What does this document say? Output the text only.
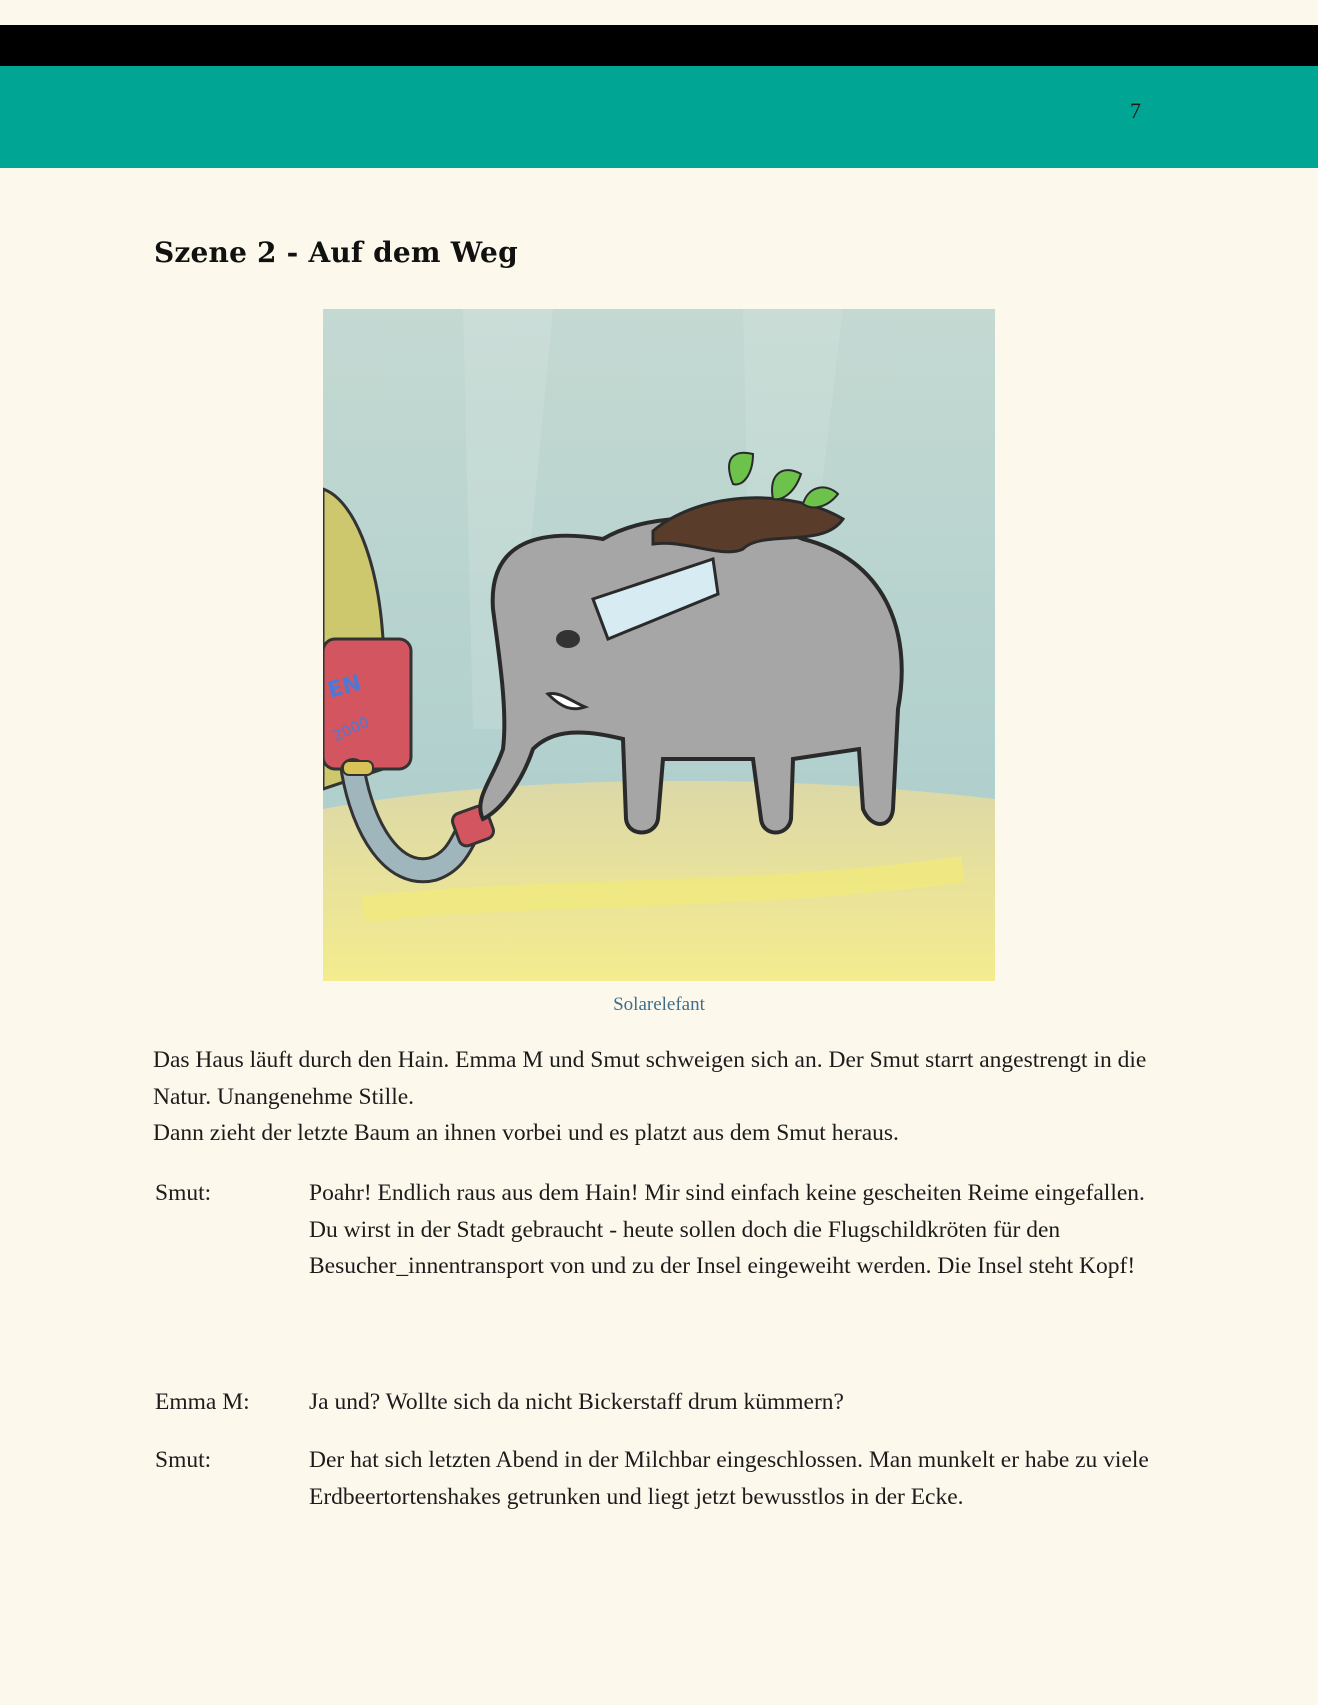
7
Szene 2 - Auf dem Weg
EN
2000
Solarelefant

Das Haus läuft durch den Hain. Emma M und Smut schweigen sich an. Der Smut starrt angestrengt in die Natur. Unangenehme Stille.

Dann zieht der letzte Baum an ihnen vorbei und es platzt aus dem Smut heraus.

Smut:	Poahr! Endlich raus aus dem Hain! Mir sind einfach keine gescheiten Reime eingefallen.
Du wirst in der Stadt gebraucht - heute sollen doch die Flugschildkröten für den Besucher_innentransport von und zu der Insel eingeweiht werden. Die Insel steht Kopf!
Emma M:	Ja und? Wollte sich da nicht Bickerstaff drum kümmern?
Smut:	Der hat sich letzten Abend in der Milchbar eingeschlossen. Man munkelt er habe zu viele Erdbeertortenshakes getrunken und liegt jetzt bewusstlos in der Ecke.
